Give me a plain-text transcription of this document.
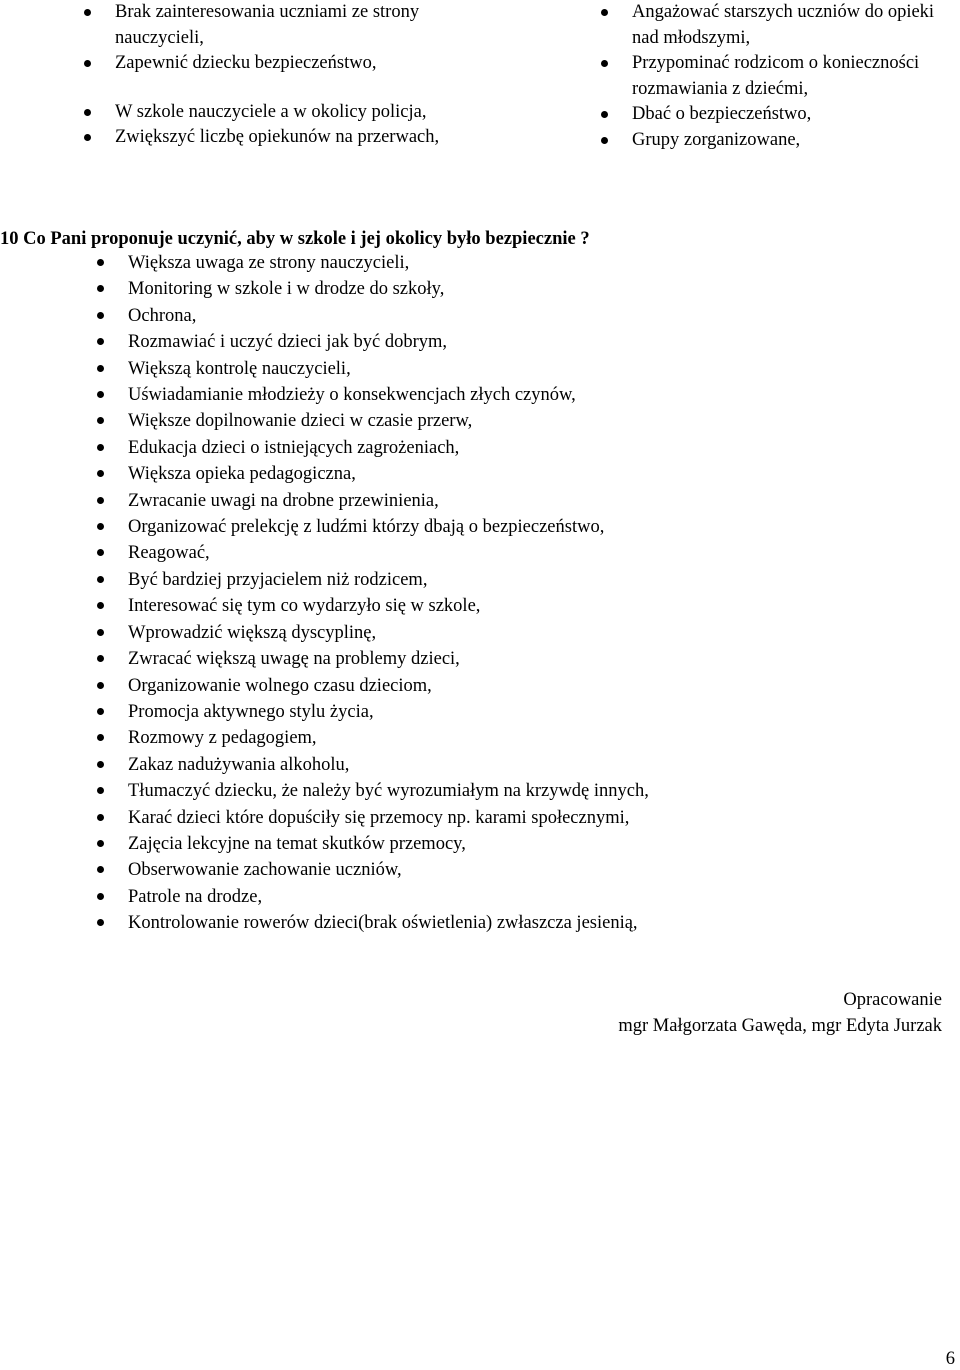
Brak zainteresowania uczniami ze strony nauczycieli,
Zapewnić dziecku bezpieczeństwo,
W szkole nauczyciele a w okolicy policja,
Zwiększyć liczbę opiekunów na przerwach,
Angażować starszych uczniów do opieki nad młodszymi,
Przypominać rodzicom o konieczności rozmawiania z dziećmi,
Dbać o bezpieczeństwo,
Grupy zorganizowane,
10 Co Pani proponuje uczynić, aby w szkole i jej okolicy było bezpiecznie ?
Większa uwaga ze strony nauczycieli,
Monitoring w szkole i w drodze do szkoły,
Ochrona,
Rozmawiać i uczyć dzieci jak być dobrym,
Większą kontrolę nauczycieli,
Uświadamianie młodzieży o konsekwencjach złych czynów,
Większe dopilnowanie dzieci w czasie przerw,
Edukacja dzieci o istniejących zagrożeniach,
Większa opieka pedagogiczna,
Zwracanie uwagi na drobne przewinienia,
Organizować prelekcję z ludźmi którzy dbają o bezpieczeństwo,
Reagować,
Być bardziej przyjacielem niż rodzicem,
Interesować się tym co wydarzyło się w szkole,
Wprowadzić większą dyscyplinę,
Zwracać większą uwagę na problemy dzieci,
Organizowanie wolnego czasu dzieciom,
Promocja aktywnego stylu życia,
Rozmowy z pedagogiem,
Zakaz nadużywania alkoholu,
Tłumaczyć dziecku, że należy być wyrozumiałym na krzywdę innych,
Karać dzieci które dopuściły się przemocy np. karami społecznymi,
Zajęcia lekcyjne na temat skutków przemocy,
Obserwowanie zachowanie uczniów,
Patrole na drodze,
Kontrolowanie rowerów dzieci(brak oświetlenia) zwłaszcza jesienią,
Opracowanie
mgr Małgorzata Gawęda, mgr Edyta Jurzak
6
